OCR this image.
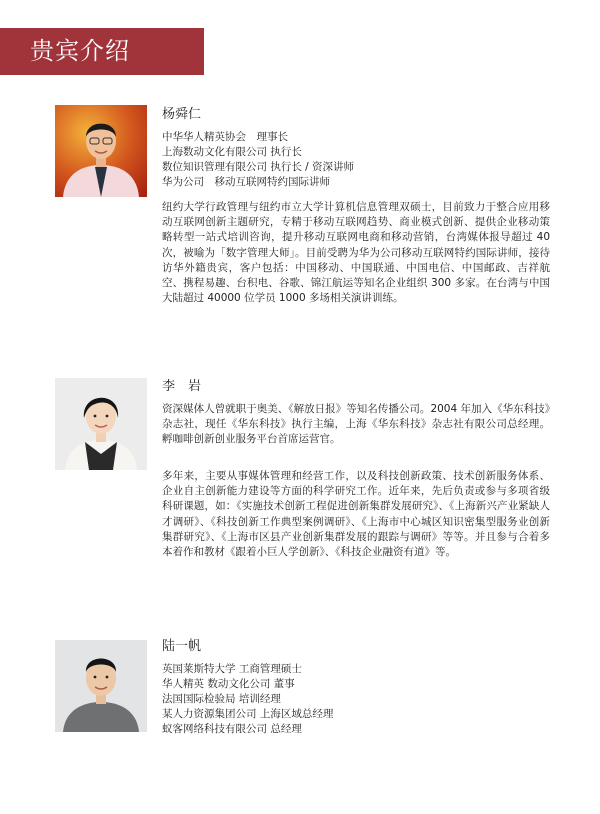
贵宾介绍
杨舜仁
中华华人精英协会　理事长
上海数动文化有限公司 执行长
数位知识管理有限公司 执行长 / 资深讲师
华为公司　移动互联网特约国际讲师

纽约大学行政管理与纽约市立大学计算机信息管理双硕士，目前致力于整合应用移动互联网创新主题研究，专精于移动互联网趋势、商业模式创新、提供企业移动策略转型一站式培训咨询，提升移动互联网电商和移动营销，台湾媒体报导超过 40 次，被喻为「数字管理大师」。目前受聘为华为公司移动互联网特约国际讲师，接待访华外籍贵宾，客户包括：中国移动、中国联通、中国电信、中国邮政、吉祥航空、携程易趣、台积电、谷歌、锦江航运等知名企业组织 300 多家。在台湾与中国大陆超过 40000 位学员 1000 多场相关演讲训练。

李　岩

资深媒体人曾就职于奥美、《解放日报》等知名传播公司。2004 年加入《华东科技》杂志社，现任《华东科技》执行主编，上海《华东科技》杂志社有限公司总经理。孵咖啡创新创业服务平台首席运营官。

多年来，主要从事媒体管理和经营工作，以及科技创新政策、技术创新服务体系、企业自主创新能力建设等方面的科学研究工作。近年来，先后负责或参与多项省级科研课题，如：《实施技术创新工程促进创新集群发展研究》、《上海新兴产业紧缺人才调研》、《科技创新工作典型案例调研》、《上海市中心城区知识密集型服务业创新集群研究》、《上海市区县产业创新集群发展的跟踪与调研》等等。并且参与合着多本着作和教材《跟着小巨人学创新》、《科技企业融资有道》等。

陆一帆
英国莱斯特大学 工商管理硕士
华人精英 数动文化公司 董事
法国国际检验局 培训经理
某人力资源集团公司 上海区域总经理
蚁客网络科技有限公司 总经理
